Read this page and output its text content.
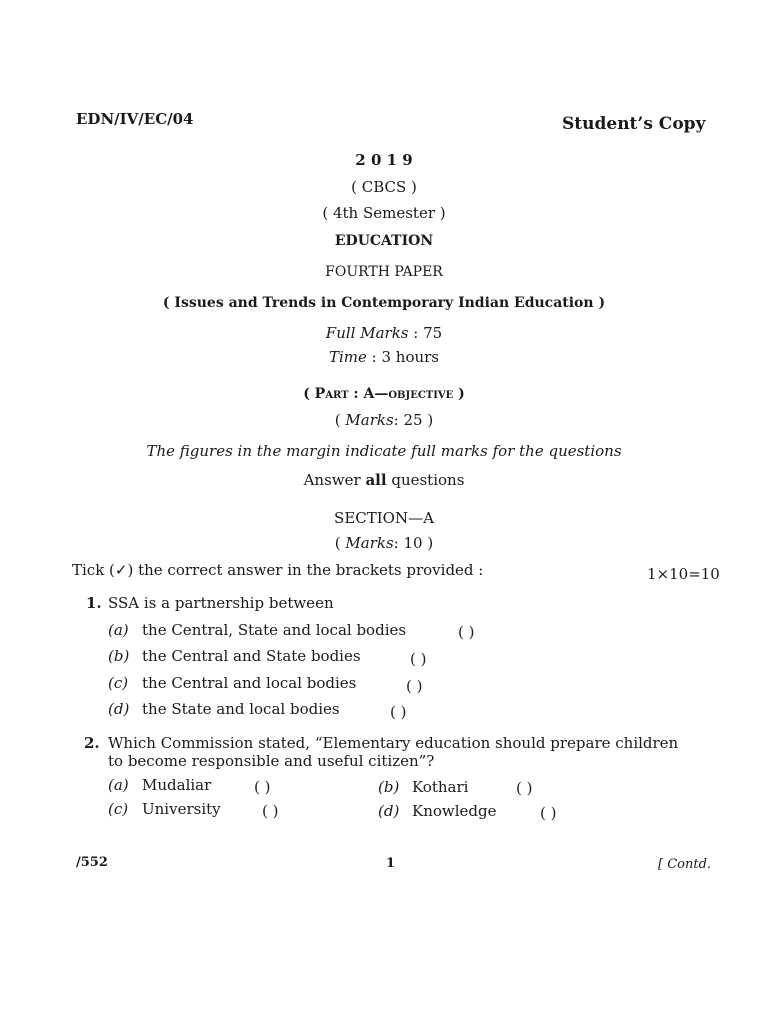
EDN/IV/EC/04	Student’s Copy
2 0 1 9
( CBCS )
( 4th Semester )
EDUCATION
FOURTH PAPER
( Issues and Trends in Contemporary Indian Education )
Full Marks : 75
Time : 3 hours
( Part : A—objective )
( Marks: 25 )
The figures in the margin indicate full marks for the questions
Answer all questions
SECTION—A
( Marks: 10 )
Tick (✓) the correct answer in the brackets provided :	1×10=10
1. SSA is a partnership between
(a) the Central, State and local bodies	( )
(b) the Central and State bodies	( )
(c) the Central and local bodies	( )
(d) the State and local bodies	( )
2. Which Commission stated, “Elementary education should prepare children
to become responsible and useful citizen”?
(a) Mudaliar	( )	(b) Kothari	( )
(c) University	( )	(d) Knowledge	( )
/552	1	[ Contd.
